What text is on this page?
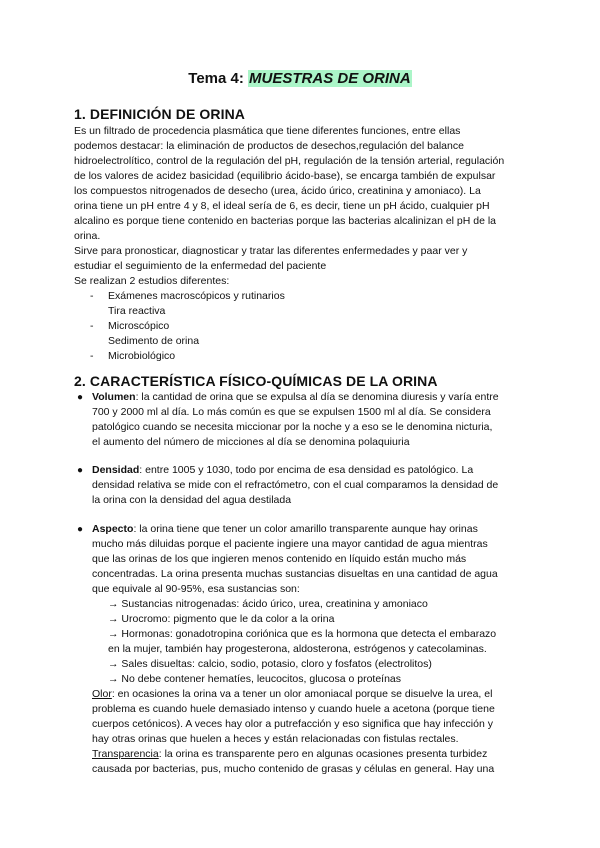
Tema 4: MUESTRAS DE ORINA
1. DEFINICIÓN DE ORINA
Es un filtrado de procedencia plasmática que tiene diferentes funciones, entre ellas
podemos destacar: la eliminación de productos de desechos,regulación del balance
hidroelectrolítico, control de la regulación del pH, regulación de la tensión arterial, regulación
de los valores de acidez basicidad (equilibrio ácido-base), se encarga también de expulsar
los compuestos nitrogenados de desecho (urea, ácido úrico, creatinina y amoniaco). La
orina tiene un pH entre 4 y 8, el ideal sería de 6, es decir, tiene un pH ácido, cualquier pH
alcalino es porque tiene contenido en bacterias porque las bacterias alcalinizan el pH de la
orina.
Sirve para pronosticar, diagnosticar y tratar las diferentes enfermedades y paar ver y
estudiar el seguimiento de la enfermedad del paciente
Se realizan 2 estudios diferentes:
- Exámenes macroscópicos y rutinarios
Tira reactiva
- Microscópico
Sedimento de orina
- Microbiológico
2. CARACTERÍSTICA FÍSICO-QUÍMICAS DE LA ORINA
● Volumen: la cantidad de orina que se expulsa al día se denomina diuresis y varía entre
700 y 2000 ml al día. Lo más común es que se expulsen 1500 ml al día. Se considera
patológico cuando se necesita miccionar por la noche y a eso se le denomina nicturia,
el aumento del número de micciones al día se denomina polaquiuria
● Densidad: entre 1005 y 1030, todo por encima de esa densidad es patológico. La
densidad relativa se mide con el refractómetro, con el cual comparamos la densidad de
la orina con la densidad del agua destilada
● Aspecto: la orina tiene que tener un color amarillo transparente aunque hay orinas
mucho más diluidas porque el paciente ingiere una mayor cantidad de agua mientras
que las orinas de los que ingieren menos contenido en líquido están mucho más
concentradas. La orina presenta muchas sustancias disueltas en una cantidad de agua
que equivale al 90-95%, esa sustancias son:
→ Sustancias nitrogenadas: ácido úrico, urea, creatinina y amoniaco
→ Urocromo: pigmento que le da color a la orina
→ Hormonas: gonadotropina coriónica que es la hormona que detecta el embarazo
en la mujer, también hay progesterona, aldosterona, estrógenos y catecolaminas.
→ Sales disueltas: calcio, sodio, potasio, cloro y fosfatos (electrolitos)
→ No debe contener hematíes, leucocitos, glucosa o proteínas
Olor: en ocasiones la orina va a tener un olor amoniacal porque se disuelve la urea, el
problema es cuando huele demasiado intenso y cuando huele a acetona (porque tiene
cuerpos cetónicos). A veces hay olor a putrefacción y eso significa que hay infección y
hay otras orinas que huelen a heces y están relacionadas con fistulas rectales.
Transparencia: la orina es transparente pero en algunas ocasiones presenta turbidez
causada por bacterias, pus, mucho contenido de grasas y células en general. Hay una
